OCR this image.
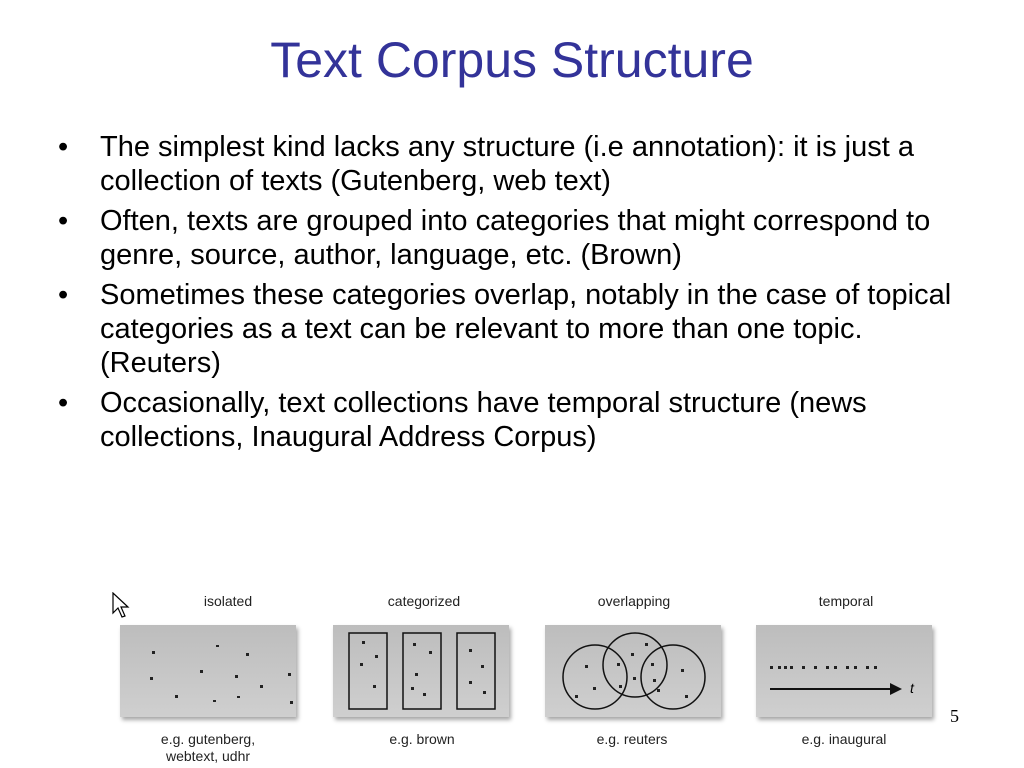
Text Corpus Structure
• The simplest kind lacks any structure (i.e annotation): it is just a collection of texts (Gutenberg, web text)
• Often, texts are grouped into categories that might correspond to genre, source, author, language, etc. (Brown)
• Sometimes these categories overlap, notably in the case of topical categories as a text can be relevant to more than one topic. (Reuters)
• Occasionally, text collections have temporal structure (news collections, Inaugural Address Corpus)
isolated
e.g. gutenberg,
webtext, udhr
categorized
e.g. brown
overlapping
e.g. reuters
temporal
t
e.g. inaugural
5
